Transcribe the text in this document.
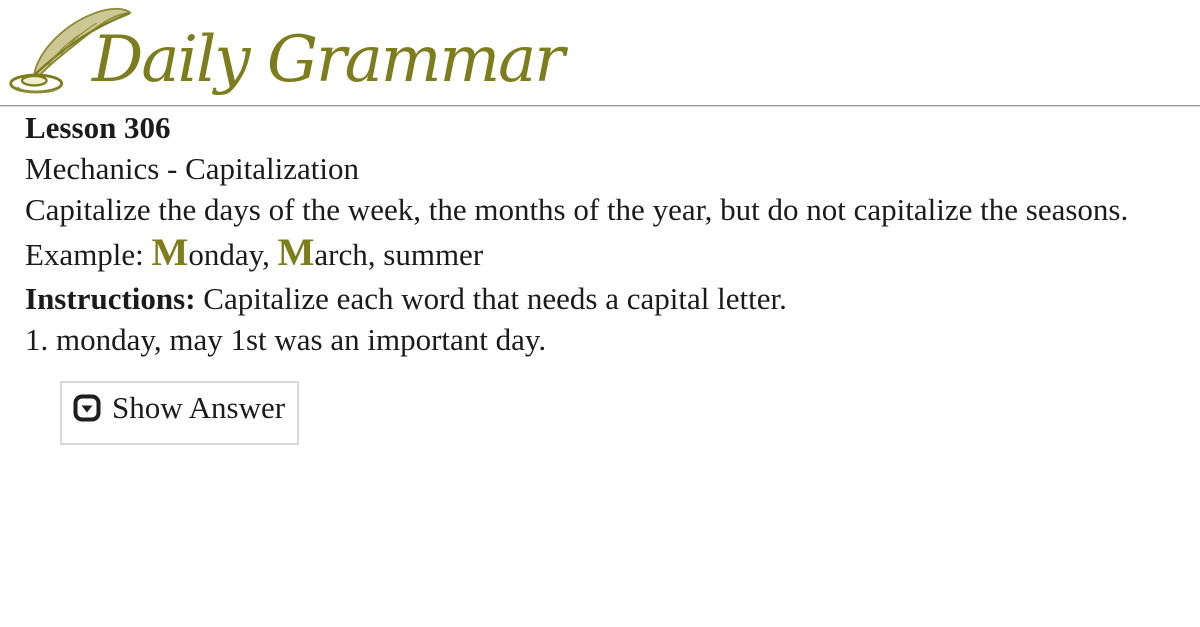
Daily Grammar

Lesson 306
Mechanics - Capitalization

Capitalize the days of the week, the months of the year, but do not capitalize the seasons.

Example: Monday, March, summer

Instructions: Capitalize each word that needs a capital letter.

1. monday, may 1st was an important day.

Show Answer
